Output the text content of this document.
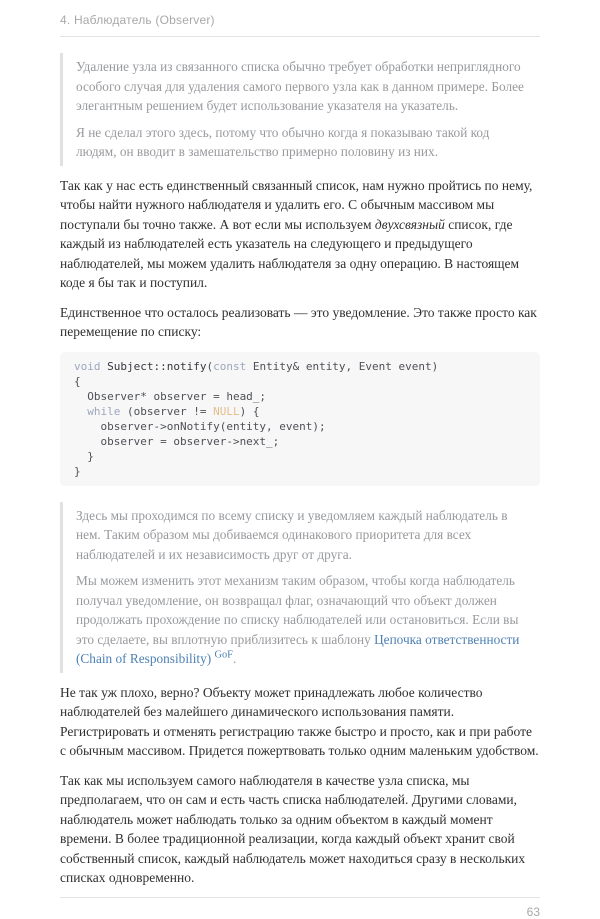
4. Наблюдатель (Observer)

Удаление узла из связанного списка обычно требует обработки неприглядного особого случая для удаления самого первого узла как в данном примере. Более элегантным решением будет использование указателя на указатель.

Я не сделал этого здесь, потому что обычно когда я показываю такой код людям, он вводит в замешательство примерно половину из них.

Так как у нас есть единственный связанный список, нам нужно пройтись по нему, чтобы найти нужного наблюдателя и удалить его. С обычным массивом мы поступали бы точно также. А вот если мы используем двухсвязный список, где каждый из наблюдателей есть указатель на следующего и предыдущего наблюдателей, мы можем удалить наблюдателя за одну операцию. В настоящем коде я бы так и поступил.

Единственное что осталось реализовать — это уведомление. Это также просто как перемещение по списку:

void Subject::notify(const Entity& entity, Event event)
{
Observer* observer = head_;
while (observer != NULL) {
observer->onNotify(entity, event);
observer = observer->next_;
}
}

Здесь мы проходимся по всему списку и уведомляем каждый наблюдатель в нем. Таким образом мы добиваемся одинакового приоритета для всех наблюдателей и их независимость друг от друга.

Мы можем изменить этот механизм таким образом, чтобы когда наблюдатель получал уведомление, он возвращал флаг, означающий что объект должен продолжать прохождение по списку наблюдателей или остановиться. Если вы это сделаете, вы вплотную приблизитесь к шаблону Цепочка ответственности (Chain of Responsibility) $^{GoF}$.

Не так уж плохо, верно? Объекту может принадлежать любое количество наблюдателей без малейшего динамического использования памяти. Регистрировать и отменять регистрацию также быстро и просто, как и при работе с обычным массивом. Придется пожертвовать только одним маленьким удобством.

Так как мы используем самого наблюдателя в качестве узла списка, мы предполагаем, что он сам и есть часть списка наблюдателей. Другими словами, наблюдатель может наблюдать только за одним объектом в каждый момент времени. В более традиционной реализации, когда каждый объект хранит свой собственный список, каждый наблюдатель может находиться сразу в нескольких списках одновременно.

63
